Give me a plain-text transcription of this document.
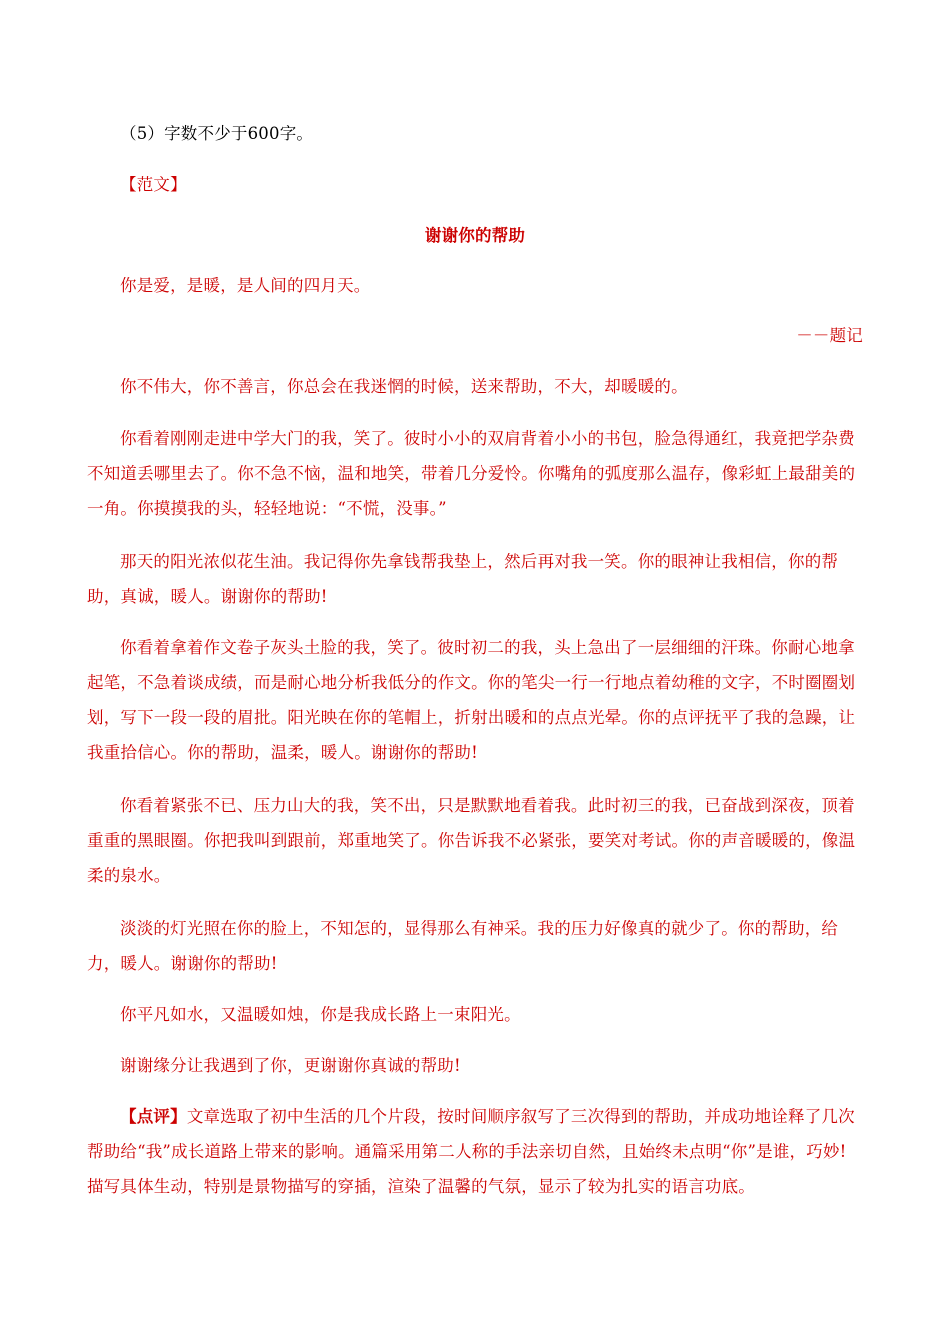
（5）字数不少于600字。

【范文】

谢谢你的帮助

你是爱，是暖，是人间的四月天。

－－题记

你不伟大，你不善言，你总会在我迷惘的时候，送来帮助，不大，却暖暖的。

你看着刚刚走进中学大门的我，笑了。彼时小小的双肩背着小小的书包，脸急得通红，我竟把学杂费不知道丢哪里去了。你不急不恼，温和地笑，带着几分爱怜。你嘴角的弧度那么温存，像彩虹上最甜美的一角。你摸摸我的头，轻轻地说：“不慌，没事。”

那天的阳光浓似花生油。我记得你先拿钱帮我垫上，然后再对我一笑。你的眼神让我相信，你的帮助，真诚，暖人。谢谢你的帮助!

你看着拿着作文卷子灰头土脸的我，笑了。彼时初二的我，头上急出了一层细细的汗珠。你耐心地拿起笔，不急着谈成绩，而是耐心地分析我低分的作文。你的笔尖一行一行地点着幼稚的文字，不时圈圈划划，写下一段一段的眉批。阳光映在你的笔帽上，折射出暖和的点点光晕。你的点评抚平了我的急躁，让我重拾信心。你的帮助，温柔，暖人。谢谢你的帮助!

你看着紧张不已、压力山大的我，笑不出，只是默默地看着我。此时初三的我，已奋战到深夜，顶着重重的黑眼圈。你把我叫到跟前，郑重地笑了。你告诉我不必紧张，要笑对考试。你的声音暖暖的，像温柔的泉水。

淡淡的灯光照在你的脸上，不知怎的，显得那么有神采。我的压力好像真的就少了。你的帮助，给力，暖人。谢谢你的帮助!

你平凡如水，又温暖如烛，你是我成长路上一束阳光。

谢谢缘分让我遇到了你，更谢谢你真诚的帮助!

【点评】文章选取了初中生活的几个片段，按时间顺序叙写了三次得到的帮助，并成功地诠释了几次帮助给“我”成长道路上带来的影响。通篇采用第二人称的手法亲切自然，且始终未点明“你”是谁，巧妙!描写具体生动，特别是景物描写的穿插，渲染了温馨的气氛，显示了较为扎实的语言功底。
